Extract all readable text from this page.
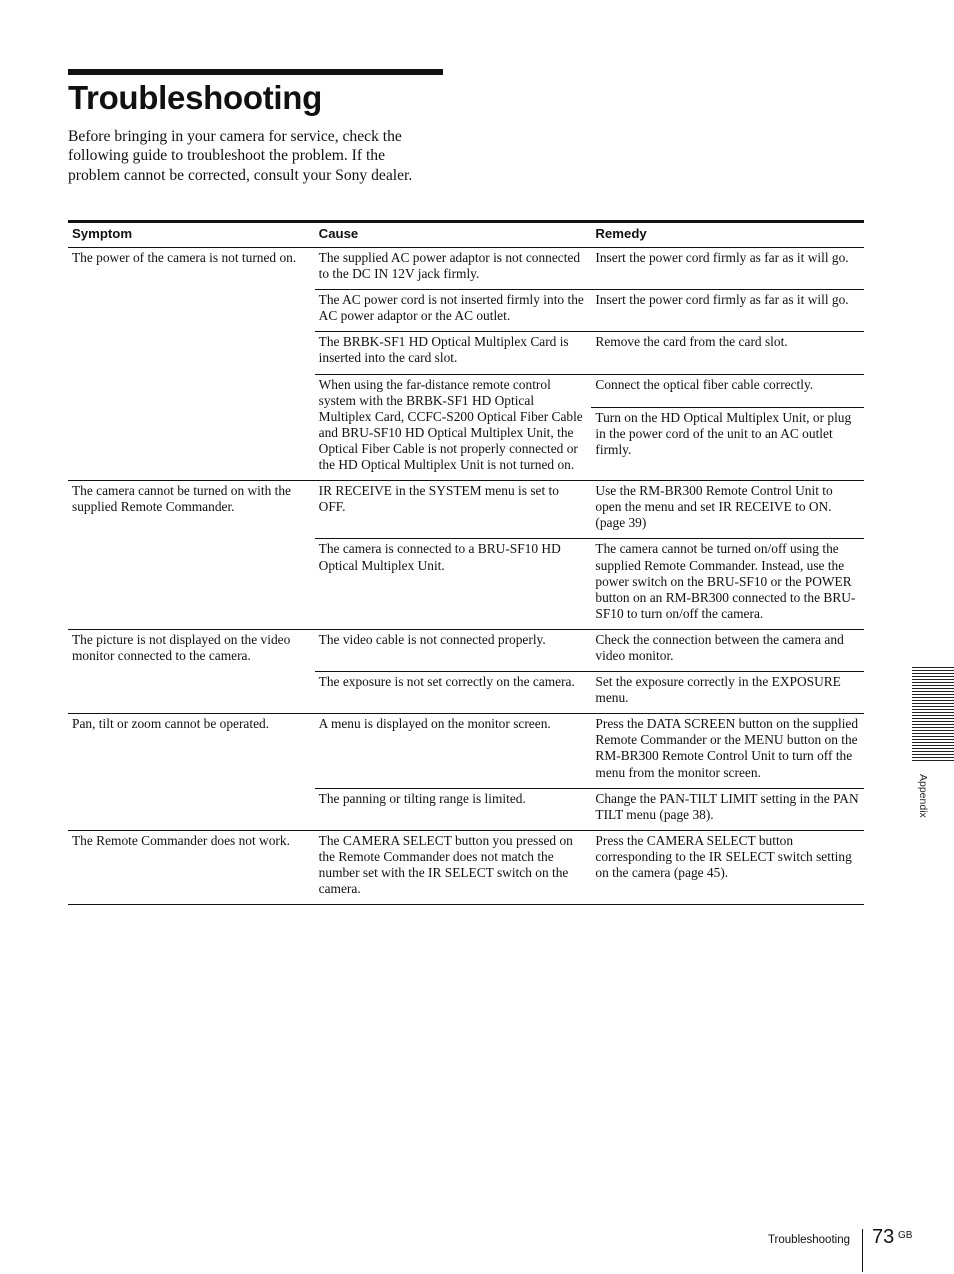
Troubleshooting

Before bringing in your camera for service, check the following guide to troubleshoot the problem. If the problem cannot be corrected, consult your Sony dealer.

Symptom	Cause	Remedy
The power of the camera is not turned on.	The supplied AC power adaptor is not connected to the DC IN 12V jack firmly.	Insert the power cord firmly as far as it will go.
	The AC power cord is not inserted firmly into the AC power adaptor or the AC outlet.	Insert the power cord firmly as far as it will go.
	The BRBK-SF1 HD Optical Multiplex Card is inserted into the card slot.	Remove the card from the card slot.
	When using the far-distance remote control system with the BRBK-SF1 HD Optical Multiplex Card, CCFC-S200 Optical Fiber Cable and BRU-SF10 HD Optical Multiplex Unit, the Optical Fiber Cable is not properly connected or the HD Optical Multiplex Unit is not turned on.	Connect the optical fiber cable correctly.
		Turn on the HD Optical Multiplex Unit, or plug in the power cord of the unit to an AC outlet firmly.
The camera cannot be turned on with the supplied Remote Commander.	IR RECEIVE in the SYSTEM menu is set to OFF.	Use the RM-BR300 Remote Control Unit to open the menu and set IR RECEIVE to ON. (page 39)
	The camera is connected to a BRU-SF10 HD Optical Multiplex Unit.	The camera cannot be turned on/off using the supplied Remote Commander. Instead, use the power switch on the BRU-SF10 or the POWER button on an RM-BR300 connected to the BRU-SF10 to turn on/off the camera.
The picture is not displayed on the video monitor connected to the camera.	The video cable is not connected properly.	Check the connection between the camera and video monitor.
	The exposure is not set correctly on the camera.	Set the exposure correctly in the EXPOSURE menu.
Pan, tilt or zoom cannot be operated.	A menu is displayed on the monitor screen.	Press the DATA SCREEN button on the supplied Remote Commander or the MENU button on the RM-BR300 Remote Control Unit to turn off the menu from the monitor screen.
	The panning or tilting range is limited.	Change the PAN-TILT LIMIT setting in the PAN TILT menu (page 38).
The Remote Commander does not work.	The CAMERA SELECT button you pressed on the Remote Commander does not match the number set with the IR SELECT switch on the camera.	Press the CAMERA SELECT button corresponding to the IR SELECT switch setting on the camera (page 45).
Appendix
Troubleshooting 73 GB
